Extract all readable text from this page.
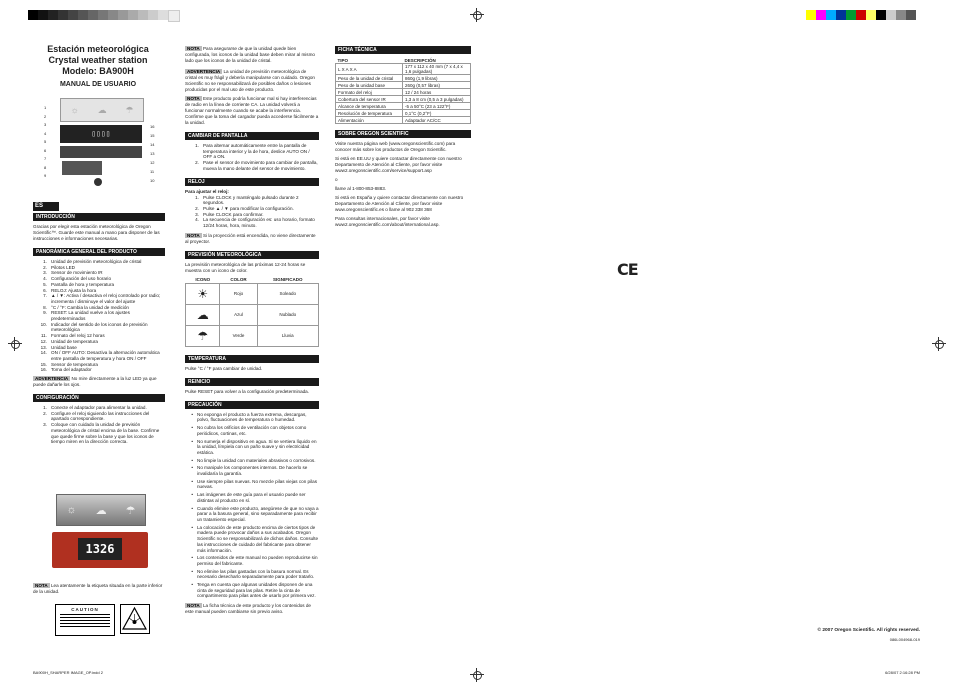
Estación meteorológica
Crystal weather station
Modelo: BA900H
MANUAL DE USUARIO
☼ ☁ ☂
▯▯▯▯
1
2
3
4
5
6
7
8
9
16
15
14
13
12
11
10
ES
INTRODUCCIÓN
Gracias por elegir esta estación meteorológica de Oregon Scientific™. Guarde este manual a mano para disponer de las instrucciones e informaciones necesarias.
PANORÁMICA GENERAL DEL PRODUCTO
1. Unidad de previsión meteorológica de cristal
2. Pilotos LED
3. Sensor de movimiento IR
4. Configuración del uso horario
5. Pantalla de hora y temperatura
6. RELOJ: Ajusta la hora
7. ▲ / ▼: Activa / desactiva el reloj controlado por radio; incrementa / disminuye el valor del ajuste
8. °C / °F: Cambia la unidad de medición
9. RESET: La unidad vuelve a los ajustes predeterminados
10. Indicador del sentido de los iconos de previsión meteorológica
11. Formato del reloj 12 horas
12. Unidad de temperatura
13. Unidad base
14. ON / OFF AUTO: Desactiva la alternación automática entre pantalla de temperatura y hora ON / OFF
15. Sensor de temperatura
16. Toma del adaptador
ADVERTENCIA No mire directamente a la luz LED ya que puede dañarle los ojos.
CONFIGURACIÓN
1. Conecte el adaptador para alimentar la unidad.
2. Configure el reloj siguiendo las instrucciones del apartado correspondiente.
3. Coloque con cuidado la unidad de previsión meteorológica de cristal encima de la base. Confirme que quede firme sobre la base y que los iconos de tiempo miren en la dirección correcta.
☼ ☁ ☂
1326
NOTA Lea atentamente la etiqueta situada en la parte inferior de la unidad.
CAUTION
BA900H_SHARPER IMAGE_OP.indd 2
NOTA Para asegurarse de que la unidad quede bien configurada, los iconos de la unidad base deben mirar al mismo lado que los iconos de la unidad de cristal.
ADVERTENCIA La unidad de previsión meteorológica de cristal es muy frágil y debería manipularse con cuidado. Oregon Scientific no se responsabilizará de posibles daños o lesiones producidas por el mal uso de este producto.
NOTA Este producto podría funcionar mal si hay interferencias de radio en la línea de corriente CA. La unidad volverá a funcionar normalmente cuando se acabe la interferencia. Confirme que la toma del cargador pueda accederse fácilmente a la unidad.
CAMBIAR DE PANTALLA
1. Para alternar automáticamente entre la pantalla de temperatura interior y la de hora, deslice AUTO ON / OFF a ON.
2. Pase el sensor de movimiento para cambiar de pantalla, mueva la mano delante del sensor de movimiento.
RELOJ
Para ajustar el reloj:
1. Pulse CLOCK y manténgalo pulsado durante 2 segundos.
2. Pulse ▲ / ▼ para modificar la configuración.
3. Pulse CLOCK para confirmar.
4. La secuencia de configuración es: uso horario, formato 12/24 horas, hora, minuto.
NOTA Si la proyección está encendida, no viene directamente al proyector.
PREVISIÓN METEOROLÓGICA
La previsión meteorológica de las próximas 12-24 horas se muestra con un icono de color.
ICONO	COLOR	SIGNIFICADO
☀	Rojo	Soleado
☁	Azul	Nublado
☂	Verde	Lluvia
TEMPERATURA
Pulse °C / °F para cambiar de unidad.
REINICIO
Pulse RESET para volver a la configuración predeterminada.
PRECAUCIÓN
• No exponga el producto a fuerza extrema, descargas, polvo, fluctuaciones de temperatura o humedad.
• No cubra los orificios de ventilación con objetos como periódicos, cortinas, etc.
• No sumerja el dispositivo en agua. Si se vertiera líquido en la unidad, límpiela con un paño suave y sin electricidad estática.
• No limpie la unidad con materiales abrasivos o corrosivos.
• No manipule los componentes internos. De hacerlo se invalidaría la garantía.
• Use siempre pilas nuevas. No mezcle pilas viejas con pilas nuevas.
• Las imágenes de este guía para el usuario puede ser distintas al producto en sí.
• Cuando elimine este producto, asegúrese de que no vaya a parar a la basura general, sino separadamente para recibir un tratamiento especial.
• La colocación de este producto encima de ciertos tipos de madera puede provocar daños a sus acabados. Oregon Scientific no se responsabilizará de dichos daños. Consulte las instrucciones de cuidado del fabricante para obtener más información.
• Los contenidos de este manual no pueden reproducirse sin permiso del fabricante.
• No elimine las pilas gastadas con la basura normal. Es necesario desecharlo separadamente para poder tratarlo.
• Tenga en cuenta que algunas unidades disponen de una cinta de seguridad para las pilas. Retire la cinta de compartimento para pilas antes de usarlo por primera vez.
NOTA La ficha técnica de este producto y los contenidos de este manual pueden cambiarse sin previo aviso.
FICHA TÉCNICA
TIPO	DESCRIPCIÓN
L X A X A	177 x 112 x 40 mm (7 x 4,4 x 1,6 pulgadas)
Peso de la unidad de cristal	860g (1,9 libras)
Peso de la unidad base	260g (0,57 libras)
Formato del reloj	12 / 24 horas
Cobertura del sensor IR	1,3 a 8 cm (0,5 a 3 pulgadas)
Alcance de temperatura	-5 a 50°C (23 a 122°F)
Resolución de temperatura	0,1°C (0,2°F)
Alimentación	Adaptador AC/CC
SOBRE OREGON SCIENTIFIC
Visite nuestra página web (www.oregonscientific.com) para conocer más sobre los productos de Oregon Scientific.
Si está en EE.UU y quiere contactar directamente con nuestro Departamento de Atención al Cliente, por favor visite www2.oregonscientific.com/service/support.asp
o
llame al 1-800-853-8883.
Si está en España y quiere contactar directamente con nuestro Departamento de Atención al Cliente, por favor visite www.oregonscientific.es o llame al 902 338 368
Para consultas internacionales, por favor visite www2.oregonscientific.com/about/international.asp.
CE
© 2007 Oregon Scientific. All rights reserved.
086L004968-019
6/28/07 2:16:28 PM
